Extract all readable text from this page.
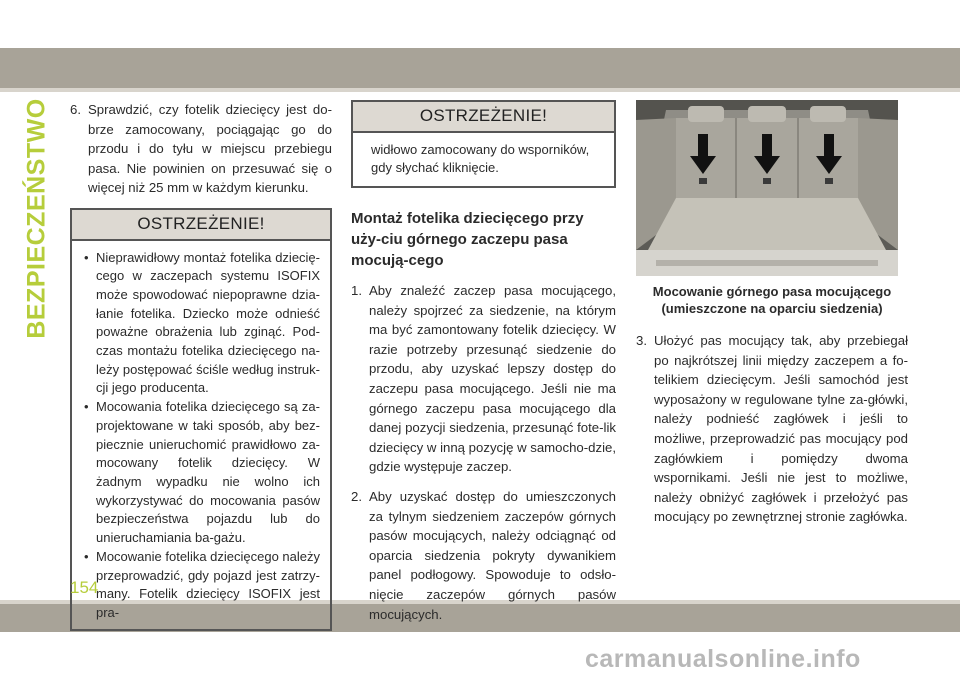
BEZPIECZEŃSTWO 6. Sprawdzić, czy fotelik dziecięcy jest do-brze zamocowany, pociągając go do przodu i do tyłu w miejscu przebiegu pasa. Nie powinien on przesuwać się o więcej niż 25 mm w każdym kierunku.
OSTRZEŻENIE!
• Nieprawidłowy montaż fotelika dziecię-cego w zaczepach systemu ISOFIX może spowodować niepoprawne dzia-łanie fotelika. Dziecko może odnieść poważne obrażenia lub zginąć. Pod-czas montażu fotelika dziecięcego na-leży postępować ściśle według instruk-cji jego producenta.
• Mocowania fotelika dziecięcego są za-projektowane w taki sposób, aby bez-piecznie unieruchomić prawidłowo za-mocowany fotelik dziecięcy. W żadnym wypadku nie wolno ich wykorzystywać do mocowania pasów bezpieczeństwa pojazdu lub do unieruchamiania ba-gażu.
• Mocowanie fotelika dziecięcego należy przeprowadzić, gdy pojazd jest zatrzy-many. Fotelik dziecięcy ISOFIX jest pra-
OSTRZEŻENIE!
widłowo zamocowany do wsporników, gdy słychać kliknięcie.
Montaż fotelika dziecięcego przy uży-ciu górnego zaczepu pasa mocują-cego
1. Aby znaleźć zaczep pasa mocującego, należy spojrzeć za siedzenie, na którym ma być zamontowany fotelik dziecięcy. W razie potrzeby przesunąć siedzenie do przodu, aby uzyskać lepszy dostęp do zaczepu pasa mocującego. Jeśli nie ma górnego zaczepu pasa mocującego dla danej pozycji siedzenia, przesunąć fote-lik dziecięcy w inną pozycję w samocho-dzie, gdzie występuje zaczep.
2. Aby uzyskać dostęp do umieszczonych za tylnym siedzeniem zaczepów górnych pasów mocujących, należy odciągnąć od oparcia siedzenia pokryty dywanikiem panel podłogowy. Spowoduje to odsło-nięcie zaczepów górnych pasów mocujących.
Mocowanie górnego pasa mocującego (umieszczone na oparciu siedzenia)
3. Ułożyć pas mocujący tak, aby przebiegał po najkrótszej linii między zaczepem a fo-telikiem dziecięcym. Jeśli samochód jest wyposażony w regulowane tylne za-główki, należy podnieść zagłówek i jeśli to możliwe, przeprowadzić pas mocujący pod zagłówkiem i pomiędzy dwoma wspornikami. Jeśli nie jest to możliwe, należy obniżyć zagłówek i przełożyć pas mocujący po zewnętrznej stronie zagłówka.
154
carmanualsonline.info
